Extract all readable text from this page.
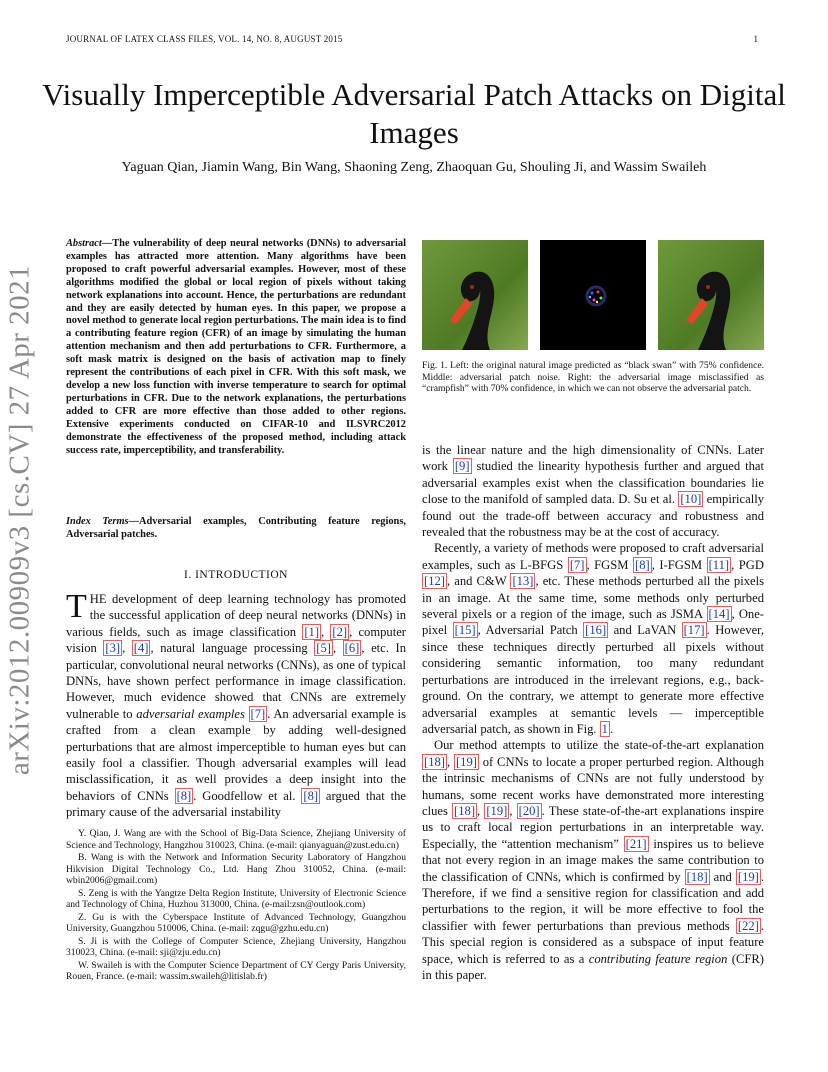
JOURNAL OF LATEX CLASS FILES, VOL. 14, NO. 8, AUGUST 2015	1
arXiv:2012.00909v3 [cs.CV] 27 Apr 2021
Visually Imperceptible Adversarial Patch Attacks on Digital Images
Yaguan Qian, Jiamin Wang, Bin Wang, Shaoning Zeng, Zhaoquan Gu, Shouling Ji, and Wassim Swaileh
Abstract—The vulnerability of deep neural networks (DNNs) to adversarial examples has attracted more attention. Many algorithms have been proposed to craft powerful adversarial examples. However, most of these algorithms modified the global or local region of pixels without taking network explanations into account. Hence, the perturbations are redundant and they are easily detected by human eyes. In this paper, we propose a novel method to generate local region perturbations. The main idea is to find a contributing feature region (CFR) of an image by simulating the human attention mechanism and then add perturbations to CFR. Furthermore, a soft mask matrix is designed on the basis of activation map to finely represent the contributions of each pixel in CFR. With this soft mask, we develop a new loss function with inverse temperature to search for optimal perturbations in CFR. Due to the network explanations, the perturbations added to CFR are more effective than those added to other regions. Extensive experiments conducted on CIFAR-10 and ILSVRC2012 demonstrate the effectiveness of the proposed method, including attack success rate, imperceptibility, and transferability.
Index Terms—Adversarial examples, Contributing feature regions, Adversarial patches.
I. INTRODUCTION

THE development of deep learning technology has promoted the successful application of deep neural networks (DNNs) in various fields, such as image classification [1] , [2] , computer vision [3] , [4] , natural language processing [5] , [6] , etc. In particular, convolutional neural networks (CNNs), as one of typical DNNs, have shown perfect performance in image classification. However, much evidence showed that CNNs are extremely vulnerable to adversarial examples [7] . An adversarial example is crafted from a clean example by adding well-designed perturbations that are almost imperceptible to human eyes but can easily fool a classifier. Though adversarial examples will lead misclassification, it as well provides a deep insight into the behaviors of CNNs [8] . Goodfellow et al. [8] argued that the primary cause of the adversarial instability

Y. Qian, J. Wang are with the School of Big-Data Science, Zhejiang University of Science and Technology, Hangzhou 310023, China. (e-mail: qianyaguan@zust.edu.cn)

B. Wang is with the Network and Information Security Laboratory of Hangzhou Hikvision Digital Technology Co., Ltd. Hang Zhou 310052, China. (e-mail: wbin2006@gmail.com)

S. Zeng is with the Yangtze Delta Region Institute, University of Electronic Science and Technology of China, Huzhou 313000, China. (e-mail:zsn@outlook.com)

Z. Gu is with the Cyberspace Institute of Advanced Technology, Guangzhou University, Guangzhou 510006, China. (e-mail: zqgu@gzhu.edu.cn)

S. Ji is with the College of Computer Science, Zhejiang University, Hangzhou 310023, China. (e-mail: sji@zju.edu.cn)

W. Swaileh is with the Computer Science Department of CY Cergy Paris University, Rouen, France. (e-mail: wassim.swaileh@litislab.fr)

Fig. 1. Left: the original natural image predicted as “black swan” with 75% confidence. Middle: adversarial patch noise. Right: the adversarial image misclassified as “crampfish” with 70% confidence, in which we can not observe the adversarial patch.

is the linear nature and the high dimensionality of CNNs. Later work [9] studied the linearity hypothesis further and argued that adversarial examples exist when the classification boundaries lie close to the manifold of sampled data. D. Su et al. [10] empirically found out the trade-off between accuracy and robustness and revealed that the robustness may be at the cost of accuracy.

Recently, a variety of methods were proposed to craft adversarial examples, such as L-BFGS [7] , FGSM [8] , I-FGSM [11] , PGD [12] , and C&W [13] , etc. These methods perturbed all the pixels in an image. At the same time, some methods only perturbed several pixels or a region of the image, such as JSMA [14] , One-pixel [15] , Adversarial Patch [16] and LaVAN [17] . However, since these techniques directly perturbed all pixels without considering semantic information, too many redundant perturbations are introduced in the irrelevant regions, e.g., back-ground. On the contrary, we attempt to generate more effective adversarial examples at semantic levels — imperceptible adversarial patch, as shown in Fig. 1 .

Our method attempts to utilize the state-of-the-art explanation [18] , [19] of CNNs to locate a proper perturbed region. Although the intrinsic mechanisms of CNNs are not fully understood by humans, some recent works have demonstrated more interesting clues [18] , [19] , [20] . These state-of-the-art explanations inspire us to craft local region perturbations in an interpretable way. Especially, the “attention mechanism” [21] inspires us to believe that not every region in an image makes the same contribution to the classification of CNNs, which is confirmed by [18] and [19] . Therefore, if we find a sensitive region for classification and add perturbations to the region, it will be more effective to fool the classifier with fewer perturbations than previous methods [22] . This special region is considered as a subspace of input feature space, which is referred to as a contributing feature region (CFR) in this paper.
